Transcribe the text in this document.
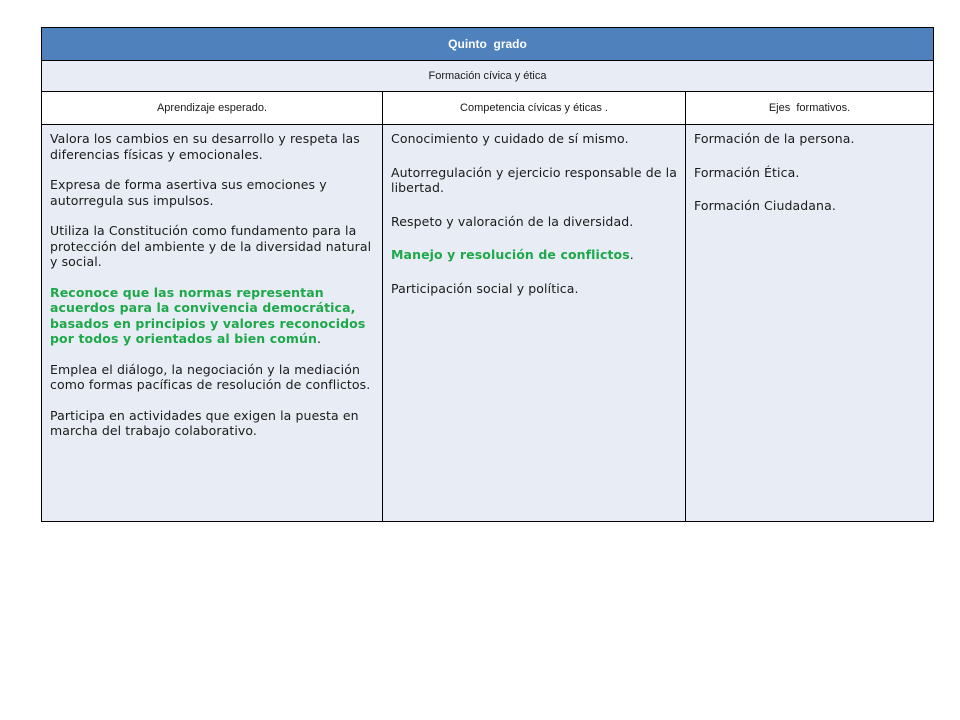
Quinto  grado
Formación cívica y ética
Aprendizaje esperado.	Competencia cívicas y éticas .	Ejes  formativos.

Valora los cambios en su desarrollo y respeta las diferencias físicas y emocionales.

Expresa de forma asertiva sus emociones y autorregula sus impulsos.

Utiliza la Constitución como fundamento para la protección del ambiente y de la diversidad natural y social.

Reconoce que las normas representan acuerdos para la convivencia democrática, basados en principios y valores reconocidos por todos y orientados al bien común.

Emplea el diálogo, la negociación y la mediación como formas pacíficas de resolución de conflictos.

Participa en actividades que exigen la puesta en marcha del trabajo colaborativo.

Conocimiento y cuidado de sí mismo.

Autorregulación y ejercicio responsable de la libertad.

Respeto y valoración de la diversidad.

Manejo y resolución de conflictos.

Participación social y política.

Formación de la persona.

Formación Ética.

Formación Ciudadana.
